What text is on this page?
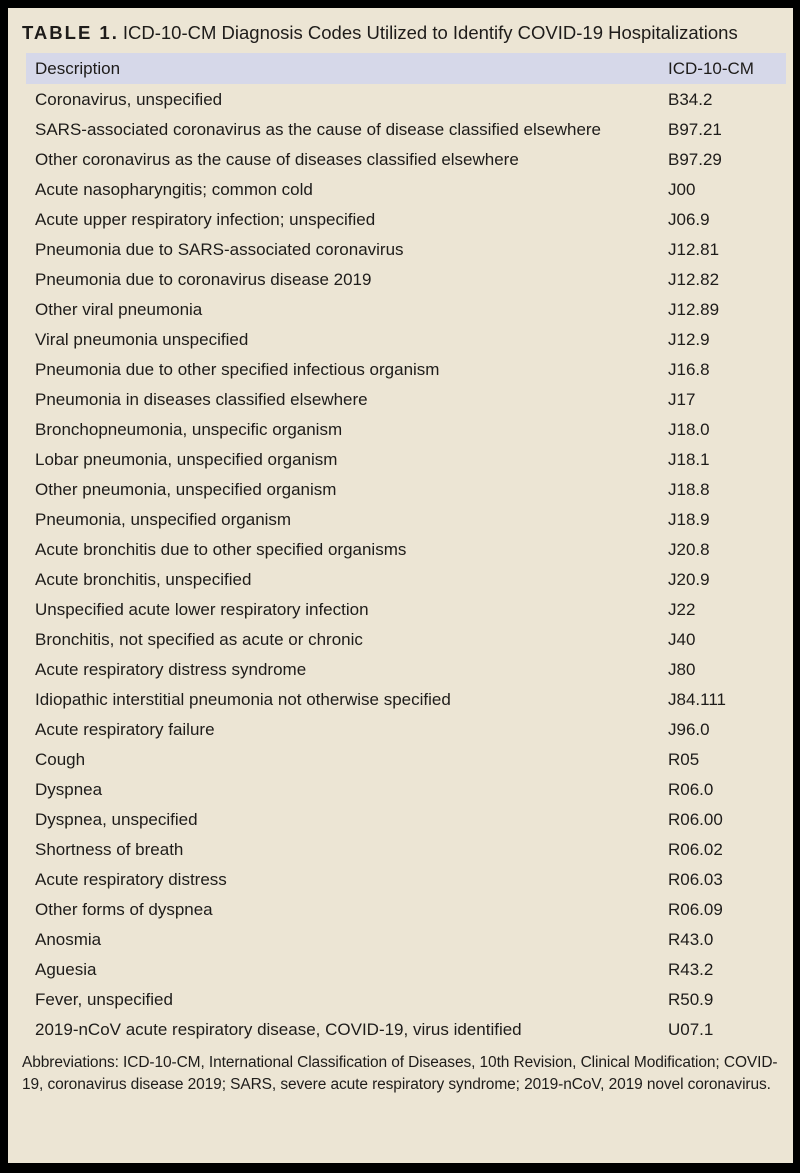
TABLE 1. ICD-10-CM Diagnosis Codes Utilized to Identify COVID-19 Hospitalizations
Description	ICD-10-CM
Coronavirus, unspecified	B34.2
SARS-associated coronavirus as the cause of disease classified elsewhere	B97.21
Other coronavirus as the cause of diseases classified elsewhere	B97.29
Acute nasopharyngitis; common cold	J00
Acute upper respiratory infection; unspecified	J06.9
Pneumonia due to SARS-associated coronavirus	J12.81
Pneumonia due to coronavirus disease 2019	J12.82
Other viral pneumonia	J12.89
Viral pneumonia unspecified	J12.9
Pneumonia due to other specified infectious organism	J16.8
Pneumonia in diseases classified elsewhere	J17
Bronchopneumonia, unspecific organism	J18.0
Lobar pneumonia, unspecified organism	J18.1
Other pneumonia, unspecified organism	J18.8
Pneumonia, unspecified organism	J18.9
Acute bronchitis due to other specified organisms	J20.8
Acute bronchitis, unspecified	J20.9
Unspecified acute lower respiratory infection	J22
Bronchitis, not specified as acute or chronic	J40
Acute respiratory distress syndrome	J80
Idiopathic interstitial pneumonia not otherwise specified	J84.111
Acute respiratory failure	J96.0
Cough	R05
Dyspnea	R06.0
Dyspnea, unspecified	R06.00
Shortness of breath	R06.02
Acute respiratory distress	R06.03
Other forms of dyspnea	R06.09
Anosmia	R43.0
Aguesia	R43.2
Fever, unspecified	R50.9
2019-nCoV acute respiratory disease, COVID-19, virus identified	U07.1
Abbreviations: ICD-10-CM, International Classification of Diseases, 10th Revision, Clinical Modification; COVID-19, coronavirus disease 2019; SARS, severe acute respiratory syndrome; 2019-nCoV, 2019 novel coronavirus.
